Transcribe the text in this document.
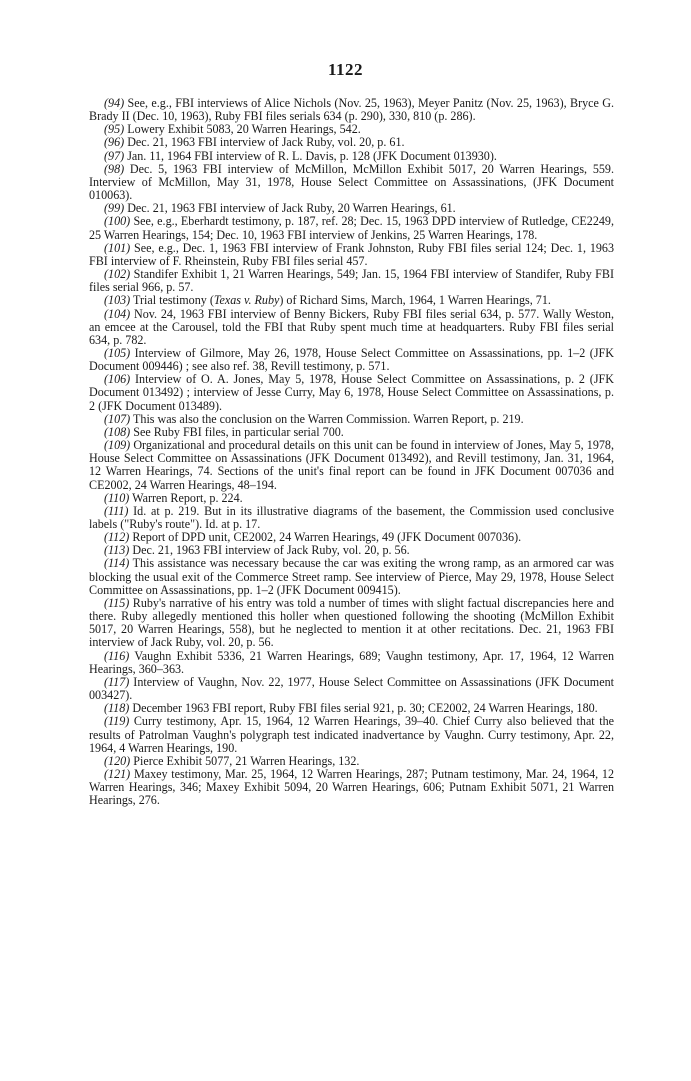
1122

(94) See, e.g., FBI interviews of Alice Nichols (Nov. 25, 1963), Meyer Panitz (Nov. 25, 1963), Bryce G. Brady II (Dec. 10, 1963), Ruby FBI files serials 634 (p. 290), 330, 810 (p. 286).

(95) Lowery Exhibit 5083, 20 Warren Hearings, 542.

(96) Dec. 21, 1963 FBI interview of Jack Ruby, vol. 20, p. 61.

(97) Jan. 11, 1964 FBI interview of R. L. Davis, p. 128 (JFK Document 013930).

(98) Dec. 5, 1963 FBI interview of McMillon, McMillon Exhibit 5017, 20 Warren Hearings, 559. Interview of McMillon, May 31, 1978, House Select Committee on Assassinations, (JFK Document 010063).

(99) Dec. 21, 1963 FBI interview of Jack Ruby, 20 Warren Hearings, 61.

(100) See, e.g., Eberhardt testimony, p. 187, ref. 28; Dec. 15, 1963 DPD interview of Rutledge, CE2249, 25 Warren Hearings, 154; Dec. 10, 1963 FBI interview of Jenkins, 25 Warren Hearings, 178.

(101) See, e.g., Dec. 1, 1963 FBI interview of Frank Johnston, Ruby FBI files serial 124; Dec. 1, 1963 FBI interview of F. Rheinstein, Ruby FBI files serial 457.

(102) Standifer Exhibit 1, 21 Warren Hearings, 549; Jan. 15, 1964 FBI interview of Standifer, Ruby FBI files serial 966, p. 57.

(103) Trial testimony (Texas v. Ruby) of Richard Sims, March, 1964, 1 Warren Hearings, 71.

(104) Nov. 24, 1963 FBI interview of Benny Bickers, Ruby FBI files serial 634, p. 577. Wally Weston, an emcee at the Carousel, told the FBI that Ruby spent much time at headquarters. Ruby FBI files serial 634, p. 782.

(105) Interview of Gilmore, May 26, 1978, House Select Committee on Assassinations, pp. 1–2 (JFK Document 009446) ; see also ref. 38, Revill testimony, p. 571.

(106) Interview of O. A. Jones, May 5, 1978, House Select Committee on Assassinations, p. 2 (JFK Document 013492) ; interview of Jesse Curry, May 6, 1978, House Select Committee on Assassinations, p. 2 (JFK Document 013489).

(107) This was also the conclusion on the Warren Commission. Warren Report, p. 219.

(108) See Ruby FBI files, in particular serial 700.

(109) Organizational and procedural details on this unit can be found in interview of Jones, May 5, 1978, House Select Committee on Assassinations (JFK Document 013492), and Revill testimony, Jan. 31, 1964, 12 Warren Hearings, 74. Sections of the unit's final report can be found in JFK Document 007036 and CE2002, 24 Warren Hearings, 48–194.

(110) Warren Report, p. 224.

(111) Id. at p. 219. But in its illustrative diagrams of the basement, the Commission used conclusive labels ("Ruby's route"). Id. at p. 17.

(112) Report of DPD unit, CE2002, 24 Warren Hearings, 49 (JFK Document 007036).

(113) Dec. 21, 1963 FBI interview of Jack Ruby, vol. 20, p. 56.

(114) This assistance was necessary because the car was exiting the wrong ramp, as an armored car was blocking the usual exit of the Commerce Street ramp. See interview of Pierce, May 29, 1978, House Select Committee on Assassinations, pp. 1–2 (JFK Document 009415).

(115) Ruby's narrative of his entry was told a number of times with slight factual discrepancies here and there. Ruby allegedly mentioned this holler when questioned following the shooting (McMillon Exhibit 5017, 20 Warren Hearings, 558), but he neglected to mention it at other recitations. Dec. 21, 1963 FBI interview of Jack Ruby, vol. 20, p. 56.

(116) Vaughn Exhibit 5336, 21 Warren Hearings, 689; Vaughn testimony, Apr. 17, 1964, 12 Warren Hearings, 360–363.

(117) Interview of Vaughn, Nov. 22, 1977, House Select Committee on Assassinations (JFK Document 003427).

(118) December 1963 FBI report, Ruby FBI files serial 921, p. 30; CE2002, 24 Warren Hearings, 180.

(119) Curry testimony, Apr. 15, 1964, 12 Warren Hearings, 39–40. Chief Curry also believed that the results of Patrolman Vaughn's polygraph test indicated inadvertance by Vaughn. Curry testimony, Apr. 22, 1964, 4 Warren Hearings, 190.

(120) Pierce Exhibit 5077, 21 Warren Hearings, 132.

(121) Maxey testimony, Mar. 25, 1964, 12 Warren Hearings, 287; Putnam testimony, Mar. 24, 1964, 12 Warren Hearings, 346; Maxey Exhibit 5094, 20 Warren Hearings, 606; Putnam Exhibit 5071, 21 Warren Hearings, 276.
